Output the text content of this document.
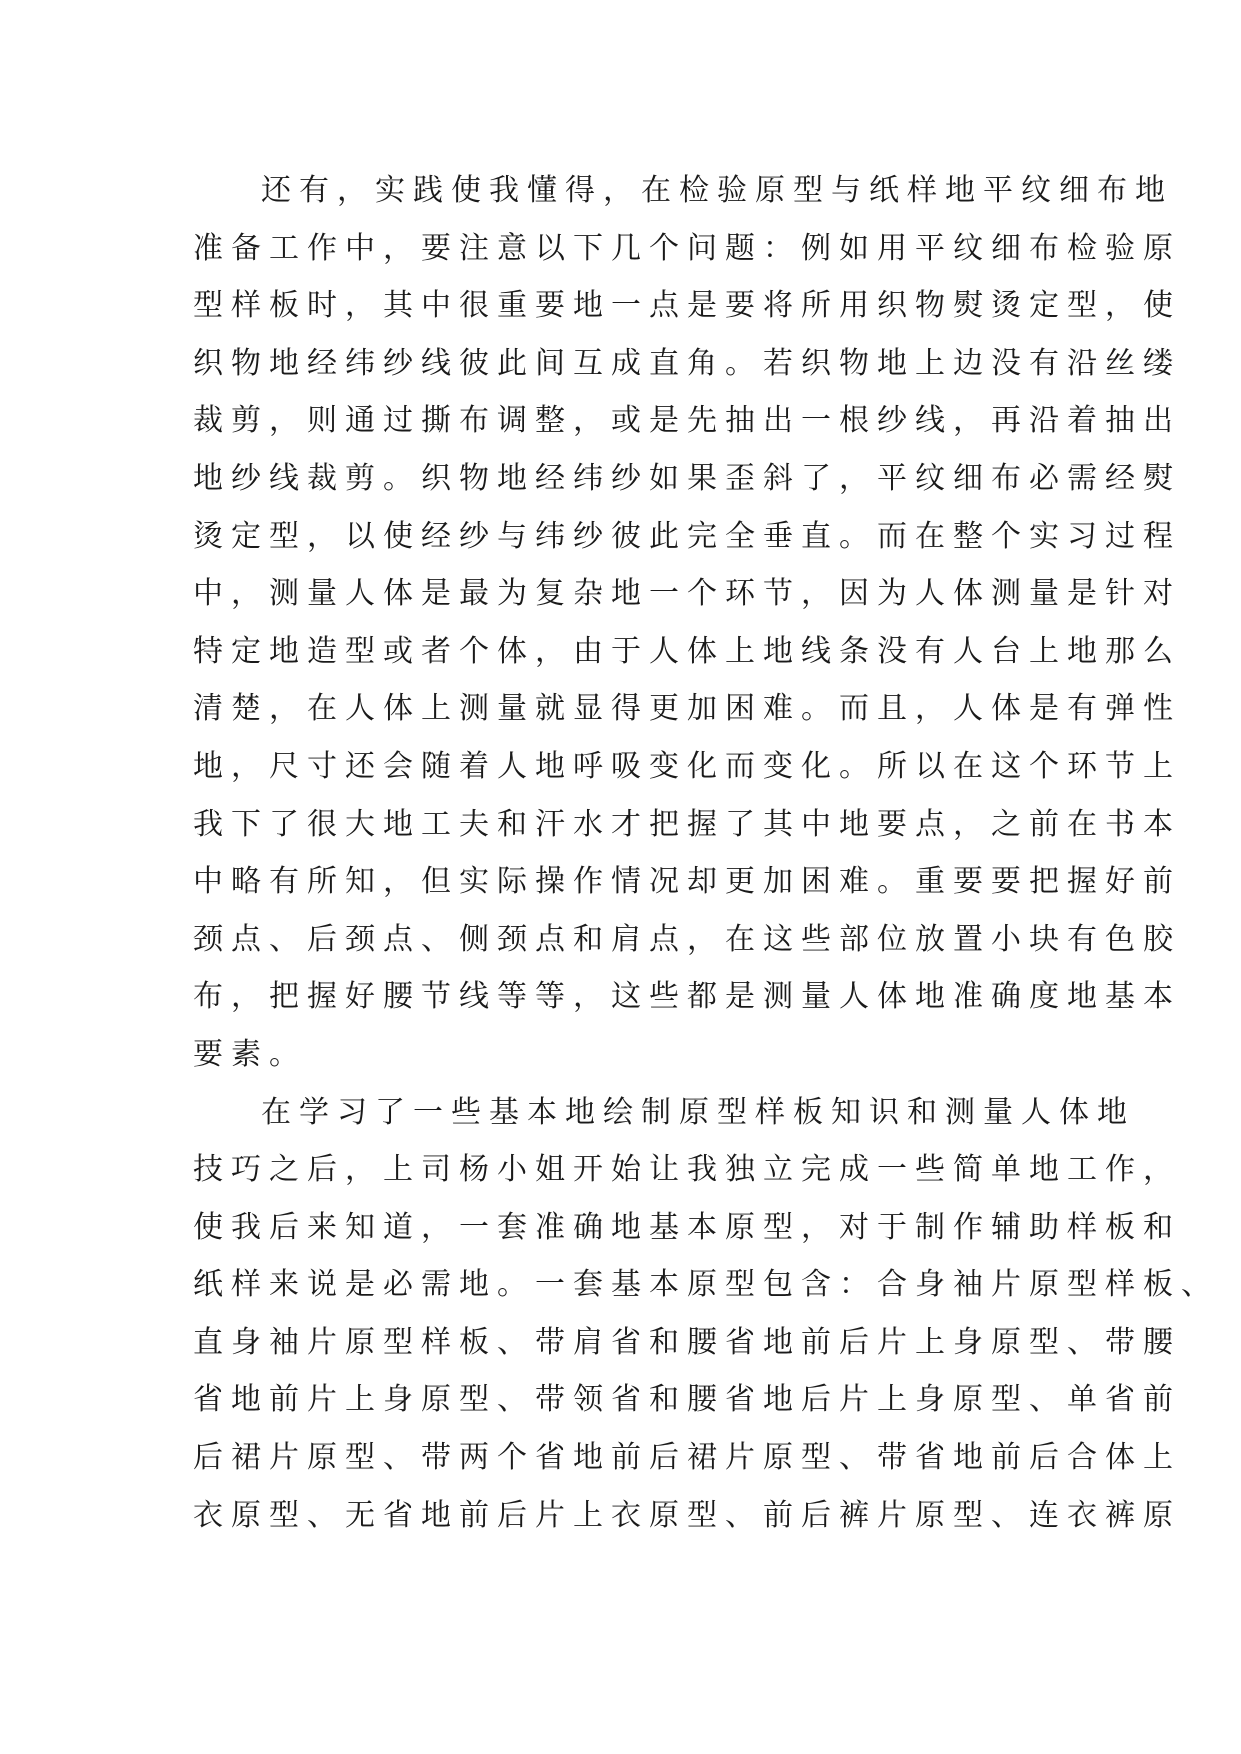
还有，实践使我懂得，在检验原型与纸样地平纹细布地
准备工作中，要注意以下几个问题：例如用平纹细布检验原
型样板时，其中很重要地一点是要将所用织物熨烫定型，使
织物地经纬纱线彼此间互成直角。若织物地上边没有沿丝缕
裁剪，则通过撕布调整，或是先抽出一根纱线，再沿着抽出
地纱线裁剪。织物地经纬纱如果歪斜了，平纹细布必需经熨
烫定型，以使经纱与纬纱彼此完全垂直。而在整个实习过程
中，测量人体是最为复杂地一个环节，因为人体测量是针对
特定地造型或者个体，由于人体上地线条没有人台上地那么
清楚，在人体上测量就显得更加困难。而且，人体是有弹性
地，尺寸还会随着人地呼吸变化而变化。所以在这个环节上
我下了很大地工夫和汗水才把握了其中地要点，之前在书本
中略有所知，但实际操作情况却更加困难。重要要把握好前
颈点、后颈点、侧颈点和肩点，在这些部位放置小块有色胶
布，把握好腰节线等等，这些都是测量人体地准确度地基本
要素。
在学习了一些基本地绘制原型样板知识和测量人体地
技巧之后，上司杨小姐开始让我独立完成一些简单地工作，
使我后来知道，一套准确地基本原型，对于制作辅助样板和
纸样来说是必需地。一套基本原型包含：合身袖片原型样板、
直身袖片原型样板、带肩省和腰省地前后片上身原型、带腰
省地前片上身原型、带领省和腰省地后片上身原型、单省前
后裙片原型、带两个省地前后裙片原型、带省地前后合体上
衣原型、无省地前后片上衣原型、前后裤片原型、连衣裤原
